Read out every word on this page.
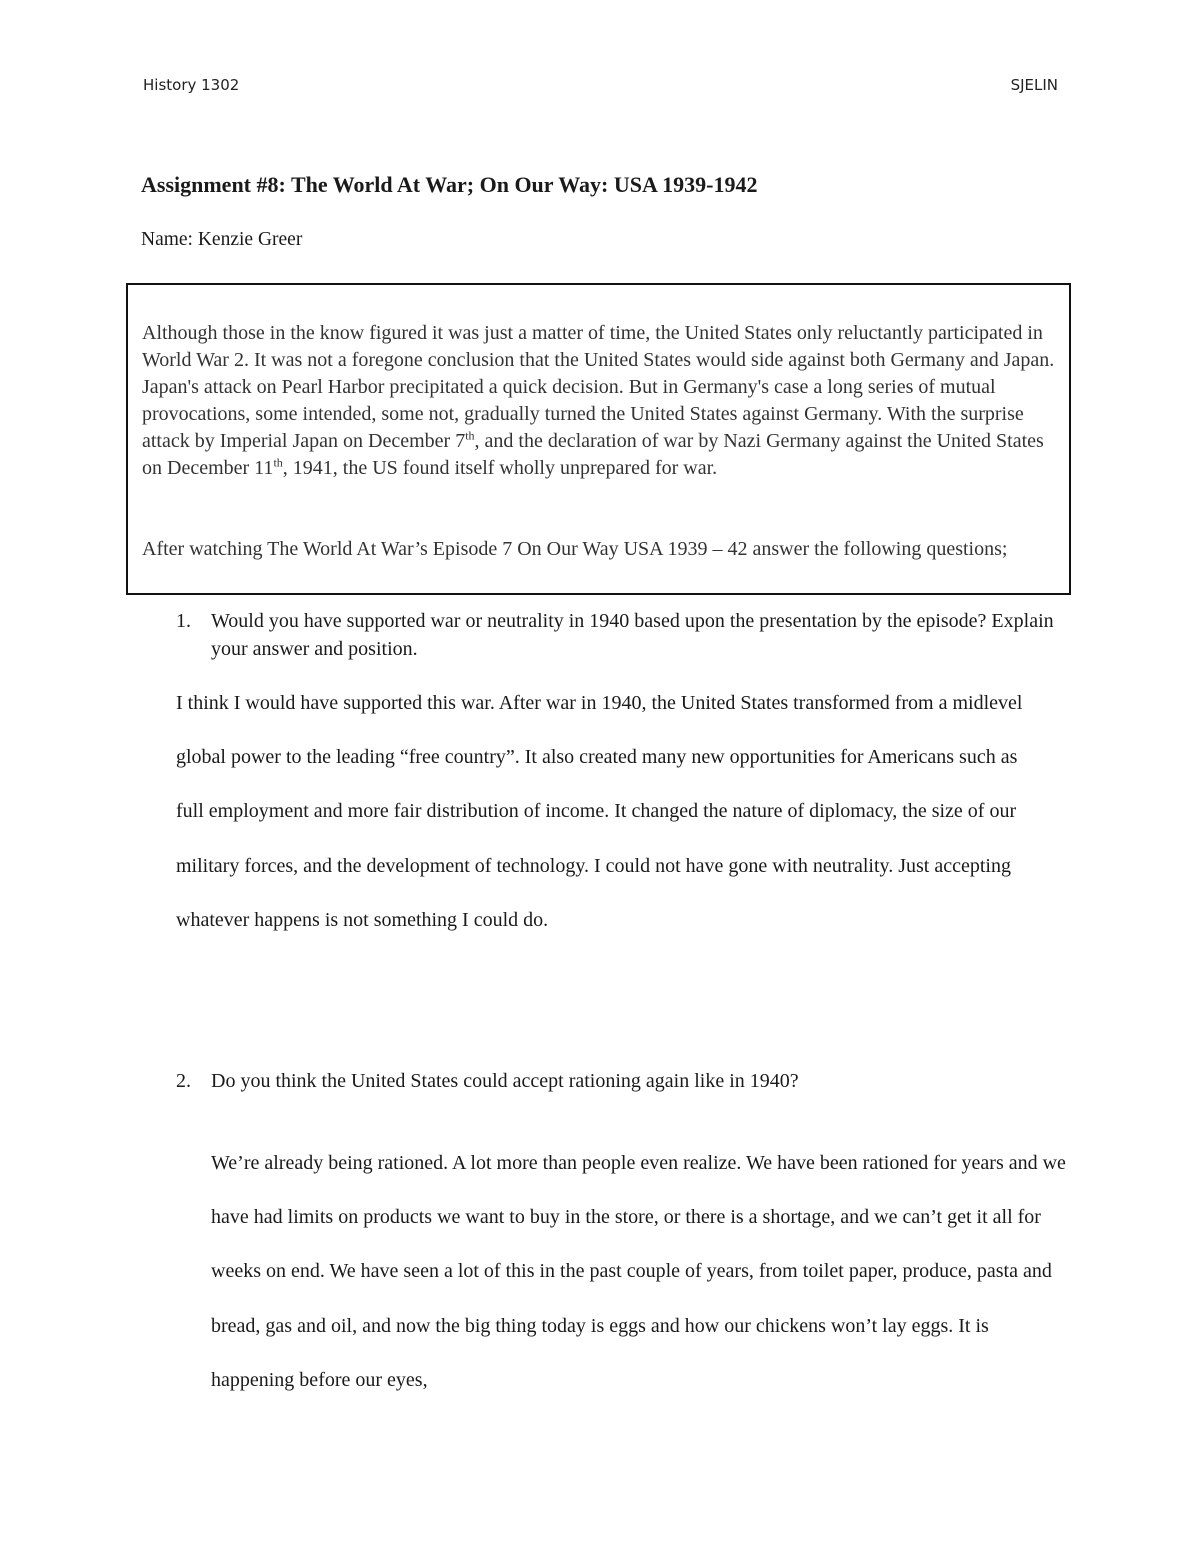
History 1302	SJELIN
Assignment #8: The World At War; On Our Way: USA 1939-1942
Name: Kenzie Greer

Although those in the know figured it was just a matter of time, the United States only reluctantly participated in World War 2. It was not a foregone conclusion that the United States would side against both Germany and Japan. Japan's attack on Pearl Harbor precipitated a quick decision. But in Germany's case a long series of mutual provocations, some intended, some not, gradually turned the United States against Germany. With the surprise attack by Imperial Japan on December 7th, and the declaration of war by Nazi Germany against the United States on December 11th, 1941, the US found itself wholly unprepared for war.

After watching The World At War’s Episode 7 On Our Way USA 1939 – 42 answer the following questions;

1. Would you have supported war or neutrality in 1940 based upon the presentation by the episode? Explain your answer and position.

I think I would have supported this war. After war in 1940, the United States transformed from a midlevel global power to the leading “free country”. It also created many new opportunities for Americans such as full employment and more fair distribution of income. It changed the nature of diplomacy, the size of our military forces, and the development of technology. I could not have gone with neutrality. Just accepting whatever happens is not something I could do.

2. Do you think the United States could accept rationing again like in 1940?

We’re already being rationed. A lot more than people even realize. We have been rationed for years and we have had limits on products we want to buy in the store, or there is a shortage, and we can’t get it all for weeks on end. We have seen a lot of this in the past couple of years, from toilet paper, produce, pasta and bread, gas and oil, and now the big thing today is eggs and how our chickens won’t lay eggs. It is happening before our eyes,
